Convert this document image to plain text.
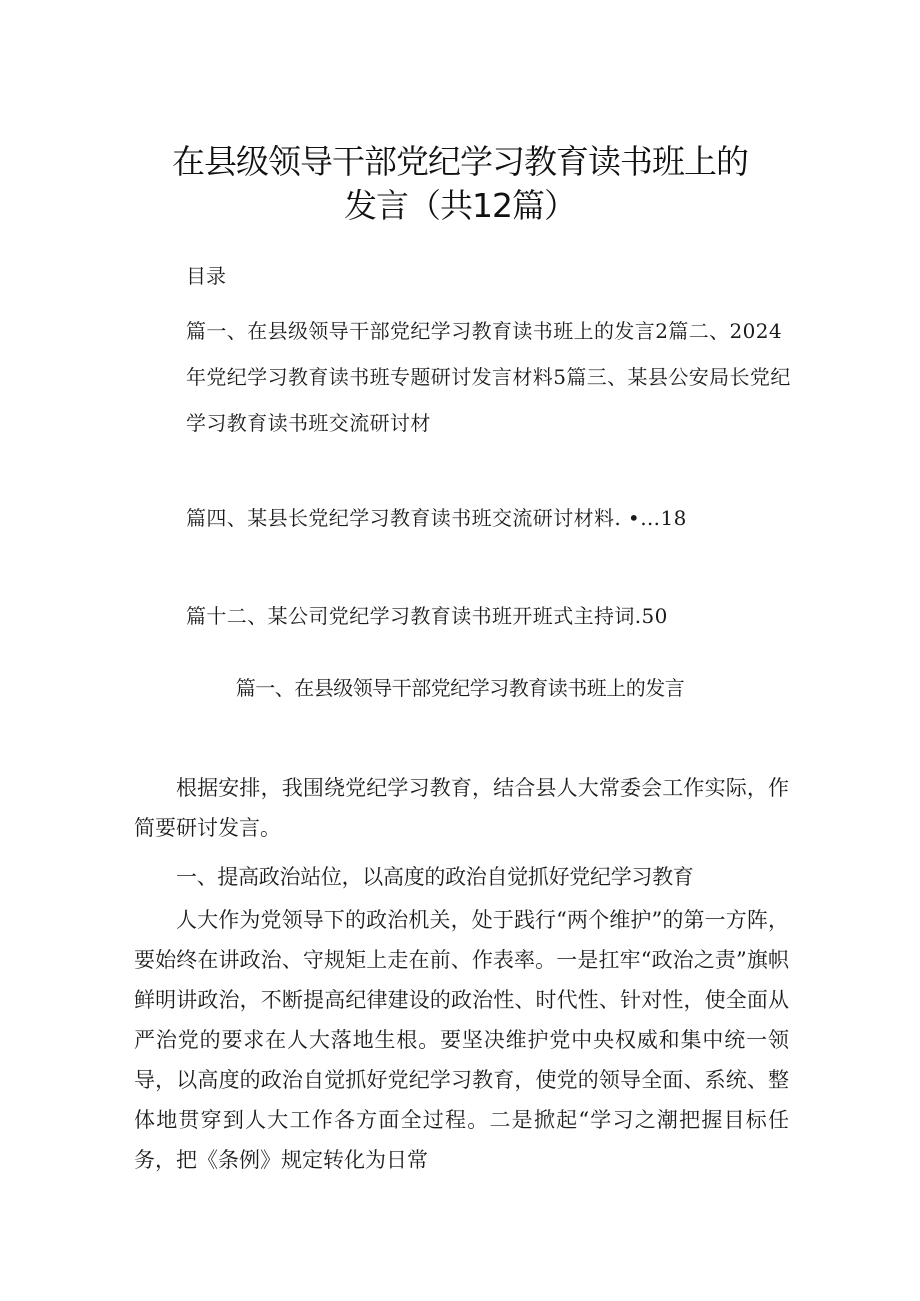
在县级领导干部党纪学习教育读书班上的
发言（共12篇）

目录

篇一、在县级领导干部党纪学习教育读书班上的发言2篇二、2024年党纪学习教育读书班专题研讨发言材料5篇三、某县公安局长党纪学习教育读书班交流研讨材

篇四、某县长党纪学习教育读书班交流研讨材料. •…18

篇十二、某公司党纪学习教育读书班开班式主持词.50

篇一、在县级领导干部党纪学习教育读书班上的发言

根据安排，我围绕党纪学习教育，结合县人大常委会工作实际，作简要研讨发言。

一、提高政治站位，以高度的政治自觉抓好党纪学习教育

人大作为党领导下的政治机关，处于践行“两个维护”的第一方阵，要始终在讲政治、守规矩上走在前、作表率。一是扛牢“政治之责”旗帜鲜明讲政治，不断提高纪律建设的政治性、时代性、针对性，使全面从严治党的要求在人大落地生根。要坚决维护党中央权威和集中统一领导，以高度的政治自觉抓好党纪学习教育，使党的领导全面、系统、整体地贯穿到人大工作各方面全过程。二是掀起“学习之潮把握目标任务，把《条例》规定转化为日常
